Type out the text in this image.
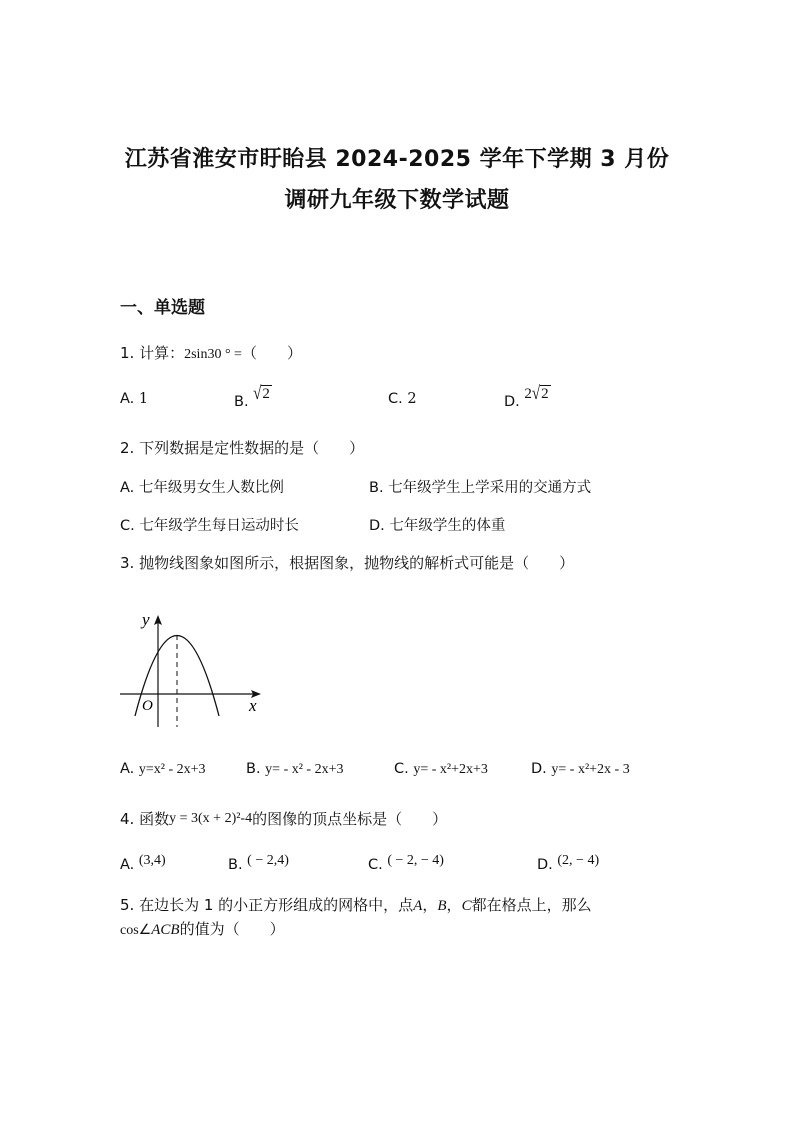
江苏省淮安市盱眙县 2024-2025 学年下学期 3 月份
调研九年级下数学试题
一、单选题
1. 计算：2sin30 ° =（　　）
A. 1	B. √2	C. 2	D. 2√2
2. 下列数据是定性数据的是（　　）
A. 七年级男女生人数比例	B. 七年级学生上学采用的交通方式
C. 七年级学生每日运动时长	D. 七年级学生的体重
3. 抛物线图象如图所示，根据图象，抛物线的解析式可能是（　　）
y
x
O
A. y=x² - 2x+3	B. y= - x² - 2x+3	C. y= - x²+2x+3	D. y= - x²+2x - 3
4. 函数y = 3(x + 2)²-4的图像的顶点坐标是（　　）
A. (3,4)	B. ( − 2,4)	C. ( − 2, − 4)	D. (2, − 4)
5. 在边长为 1 的小正方形组成的网格中，点A，B，C都在格点上，那么
cos∠ACB的值为（　　）
